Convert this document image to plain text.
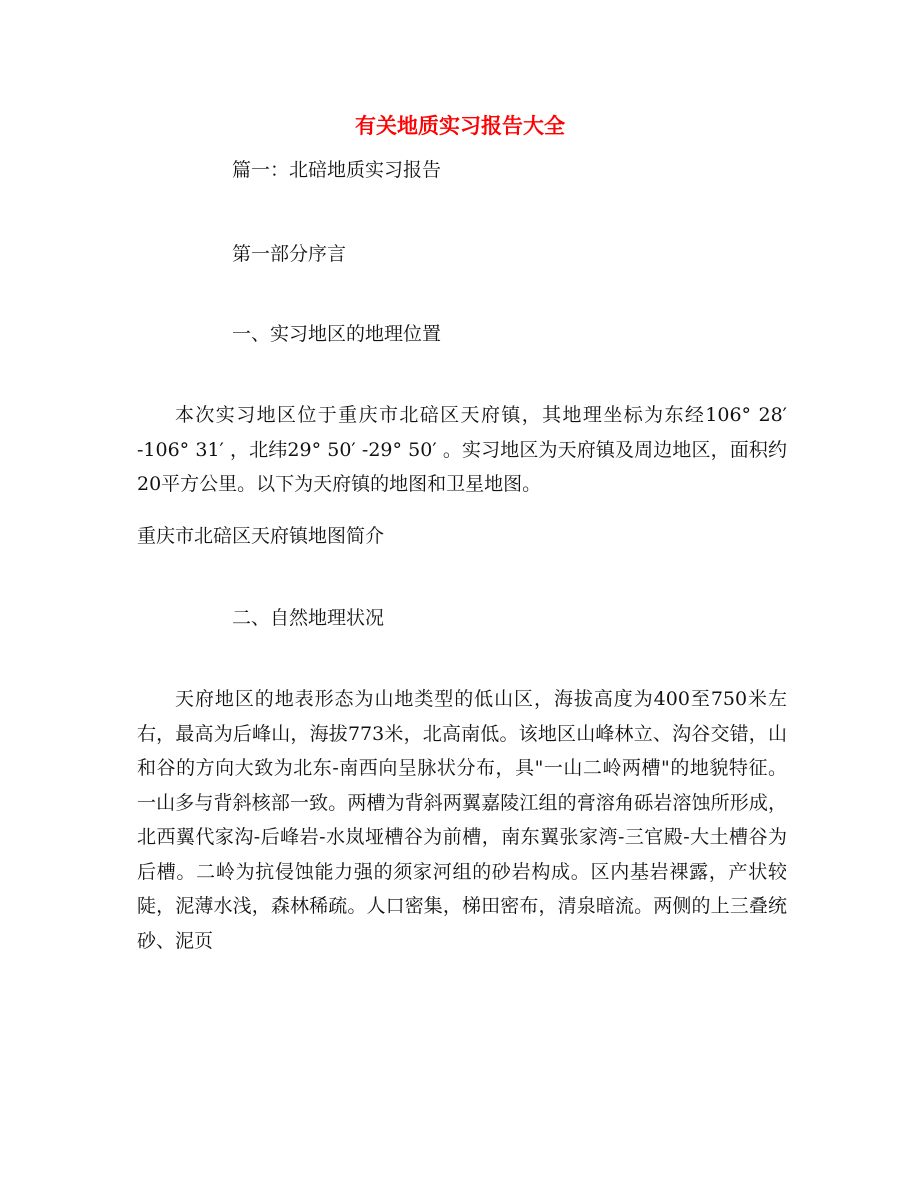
有关地质实习报告大全
篇一：北碚地质实习报告
第一部分序言
一、实习地区的地理位置
本次实习地区位于重庆市北碚区天府镇，其地理坐标为东经106° 28′ -106° 31′ ，北纬29° 50′ -29° 50′ 。实习地区为天府镇及周边地区，面积约20平方公里。以下为天府镇的地图和卫星地图。
重庆市北碚区天府镇地图简介
二、自然地理状况
天府地区的地表形态为山地类型的低山区，海拔高度为400至750米左右，最高为后峰山，海拔773米，北高南低。该地区山峰林立、沟谷交错，山和谷的方向大致为北东-南西向呈脉状分布，具"一山二岭两槽"的地貌特征。一山多与背斜核部一致。两槽为背斜两翼嘉陵江组的膏溶角砾岩溶蚀所形成，北西翼代家沟-后峰岩-水岚垭槽谷为前槽，南东翼张家湾-三官殿-大土槽谷为后槽。二岭为抗侵蚀能力强的须家河组的砂岩构成。区内基岩裸露，产状较陡，泥薄水浅，森林稀疏。人口密集，梯田密布，清泉暗流。两侧的上三叠统砂、泥页
